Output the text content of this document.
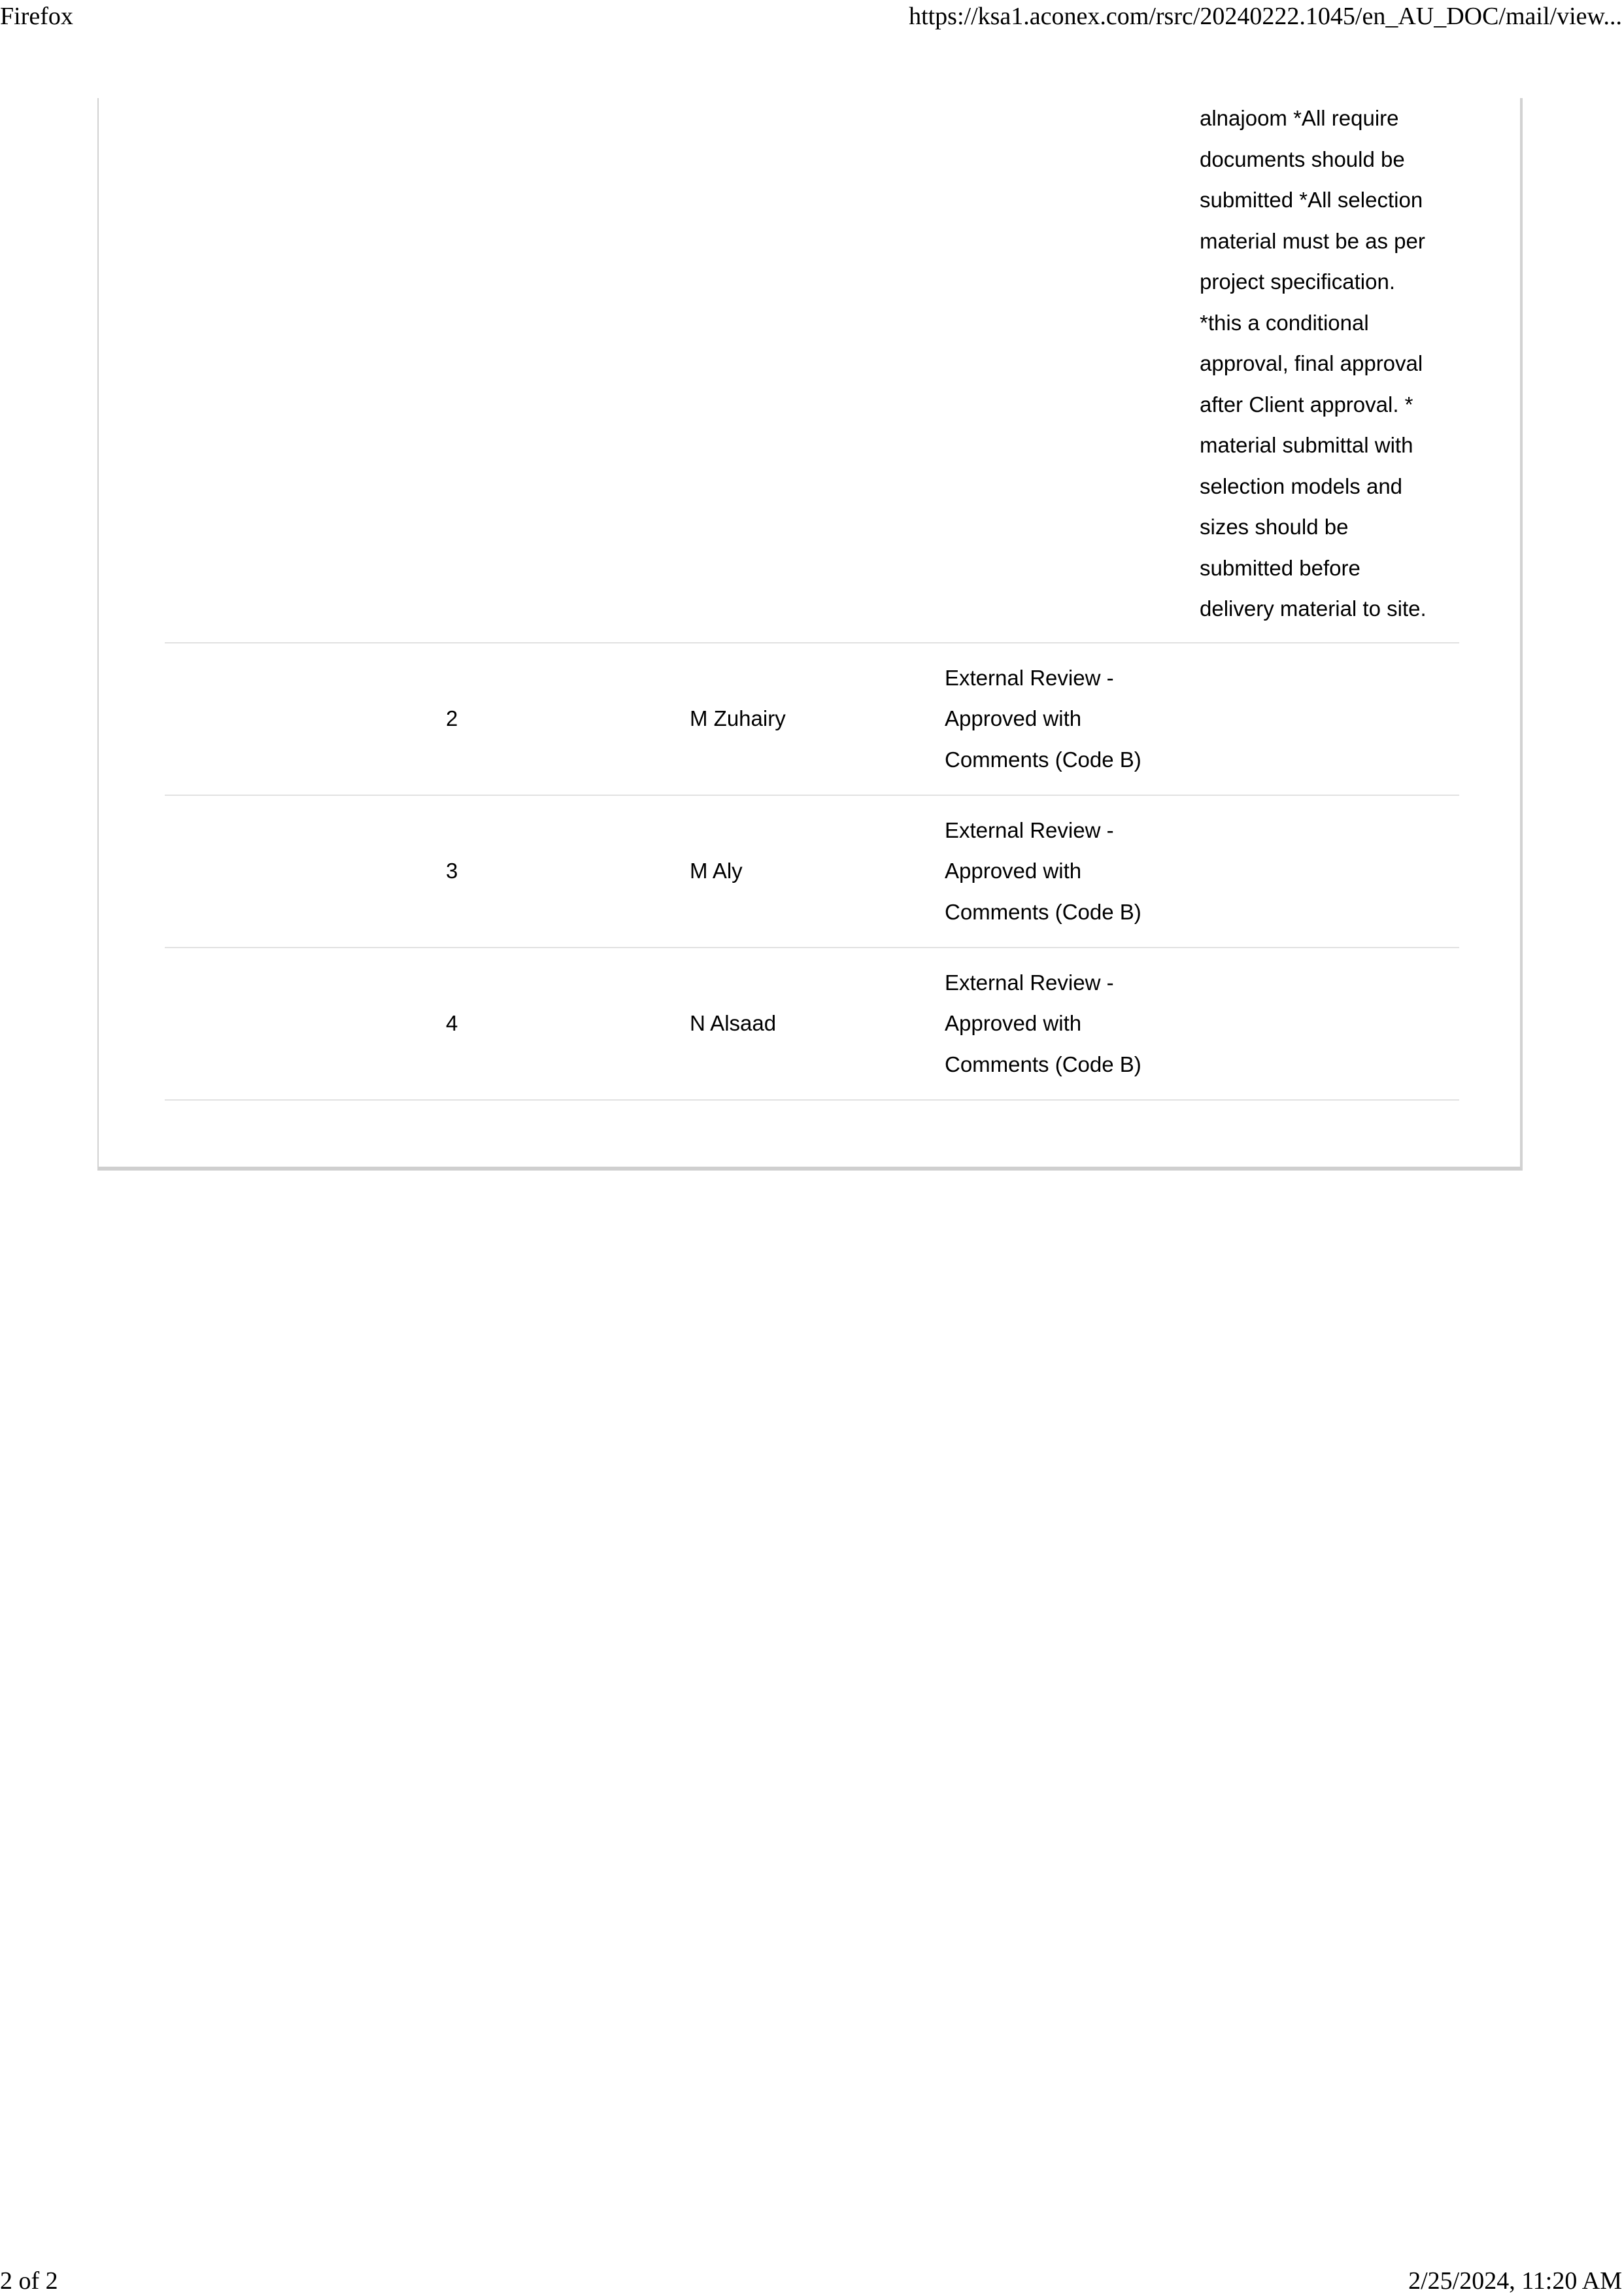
Firefox	https://ksa1.aconex.com/rsrc/20240222.1045/en_AU_DOC/mail/view...
alnajoom *All require
documents should be
submitted *All selection
material must be as per
project specification.
*this a conditional
approval, final approval
after Client approval. *
material submittal with
selection models and
sizes should be
submitted before
delivery material to site.
2	M Zuhairy
External Review -
Approved with
Comments (Code B)
3	M Aly
External Review -
Approved with
Comments (Code B)
4	N Alsaad
External Review -
Approved with
Comments (Code B)
2 of 2	2/25/2024, 11:20 AM
